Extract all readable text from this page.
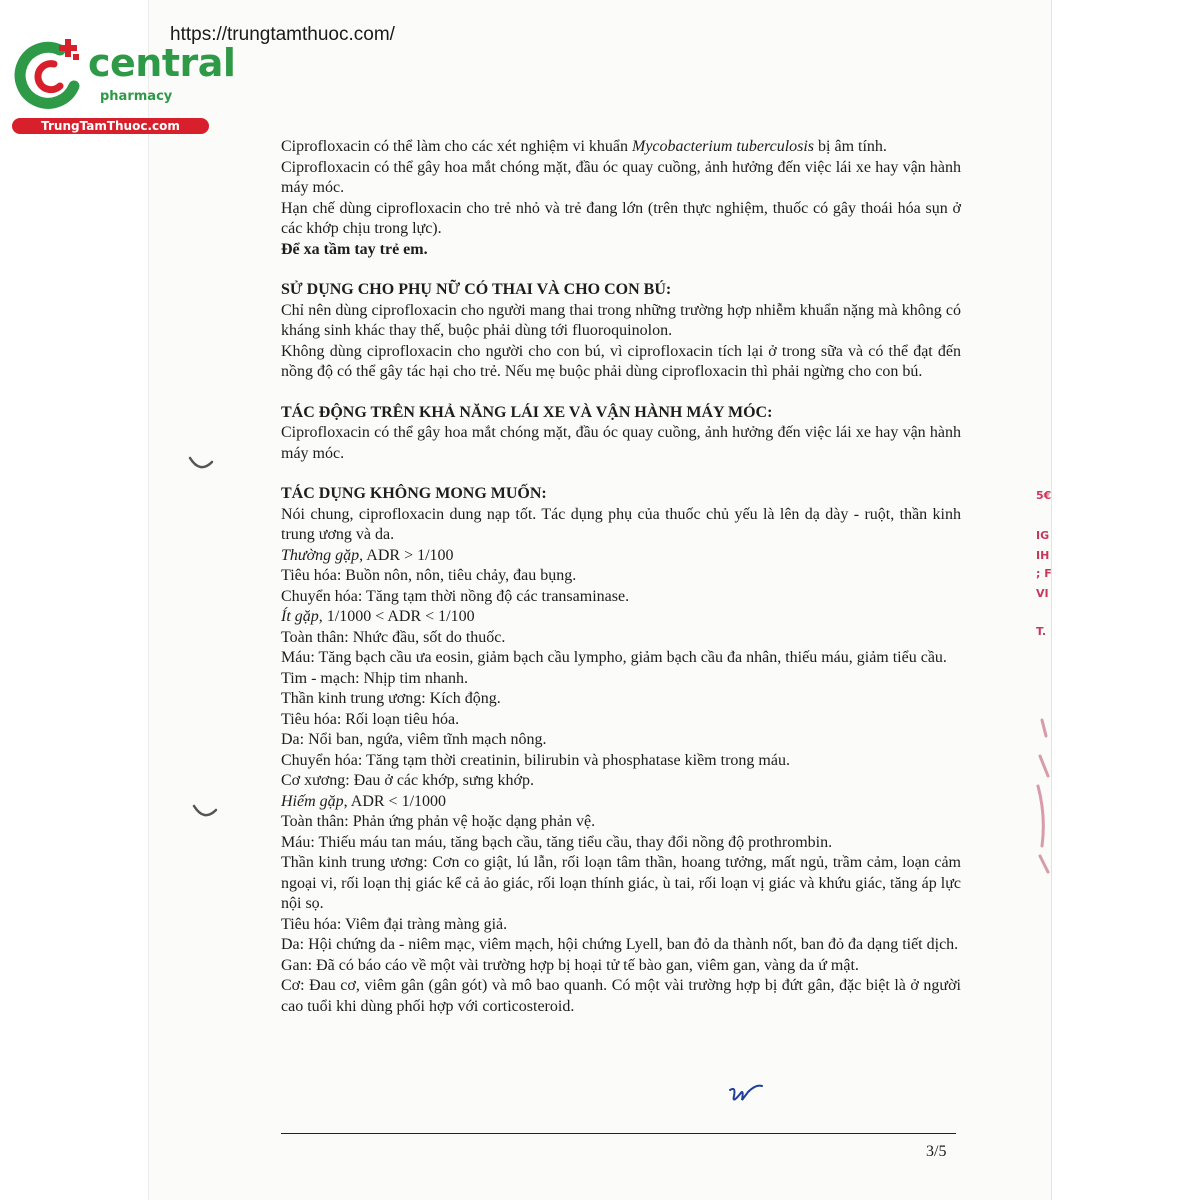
central
pharmacy
TrungTamThuoc.com
https://trungtamthuoc.com/
5€
IG
IH
; F
VI
T.

Ciprofloxacin có thể làm cho các xét nghiệm vi khuẩn Mycobacterium tuberculosis bị âm tính.

Ciprofloxacin có thể gây hoa mắt chóng mặt, đầu óc quay cuồng, ảnh hưởng đến việc lái xe hay vận hành máy móc.

Hạn chế dùng ciprofloxacin cho trẻ nhỏ và trẻ đang lớn (trên thực nghiệm, thuốc có gây thoái hóa sụn ở các khớp chịu trong lực).

Để xa tầm tay trẻ em.

SỬ DỤNG CHO PHỤ NỮ CÓ THAI VÀ CHO CON BÚ:

Chỉ nên dùng ciprofloxacin cho người mang thai trong những trường hợp nhiễm khuẩn nặng mà không có kháng sinh khác thay thế, buộc phải dùng tới fluoroquinolon.

Không dùng ciprofloxacin cho người cho con bú, vì ciprofloxacin tích lại ở trong sữa và có thể đạt đến nồng độ có thể gây tác hại cho trẻ. Nếu mẹ buộc phải dùng ciprofloxacin thì phải ngừng cho con bú.

TÁC ĐỘNG TRÊN KHẢ NĂNG LÁI XE VÀ VẬN HÀNH MÁY MÓC:

Ciprofloxacin có thể gây hoa mắt chóng mặt, đầu óc quay cuồng, ảnh hưởng đến việc lái xe hay vận hành máy móc.

TÁC DỤNG KHÔNG MONG MUỐN:

Nói chung, ciprofloxacin dung nạp tốt. Tác dụng phụ của thuốc chủ yếu là lên dạ dày - ruột, thần kinh trung ương và da.

Thường gặp, ADR > 1/100

Tiêu hóa: Buồn nôn, nôn, tiêu chảy, đau bụng.

Chuyển hóa: Tăng tạm thời nồng độ các transaminase.

Ít gặp, 1/1000 < ADR < 1/100

Toàn thân: Nhức đầu, sốt do thuốc.

Máu: Tăng bạch cầu ưa eosin, giảm bạch cầu lympho, giảm bạch cầu đa nhân, thiếu máu, giảm tiểu cầu.

Tim - mạch: Nhịp tim nhanh.

Thần kinh trung ương: Kích động.

Tiêu hóa: Rối loạn tiêu hóa.

Da: Nổi ban, ngứa, viêm tĩnh mạch nông.

Chuyển hóa: Tăng tạm thời creatinin, bilirubin và phosphatase kiềm trong máu.

Cơ xương: Đau ở các khớp, sưng khớp.

Hiếm gặp, ADR < 1/1000

Toàn thân: Phản ứng phản vệ hoặc dạng phản vệ.

Máu: Thiếu máu tan máu, tăng bạch cầu, tăng tiểu cầu, thay đổi nồng độ prothrombin.

Thần kinh trung ương: Cơn co giật, lú lẫn, rối loạn tâm thần, hoang tưởng, mất ngủ, trầm cảm, loạn cảm ngoại vi, rối loạn thị giác kể cả ảo giác, rối loạn thính giác, ù tai, rối loạn vị giác và khứu giác, tăng áp lực nội sọ.

Tiêu hóa: Viêm đại tràng màng giả.

Da: Hội chứng da - niêm mạc, viêm mạch, hội chứng Lyell, ban đỏ da thành nốt, ban đỏ đa dạng tiết dịch.

Gan: Đã có báo cáo về một vài trường hợp bị hoại tử tế bào gan, viêm gan, vàng da ứ mật.

Cơ: Đau cơ, viêm gân (gân gót) và mô bao quanh. Có một vài trường hợp bị đứt gân, đặc biệt là ở người cao tuổi khi dùng phối hợp với corticosteroid.

3/5
